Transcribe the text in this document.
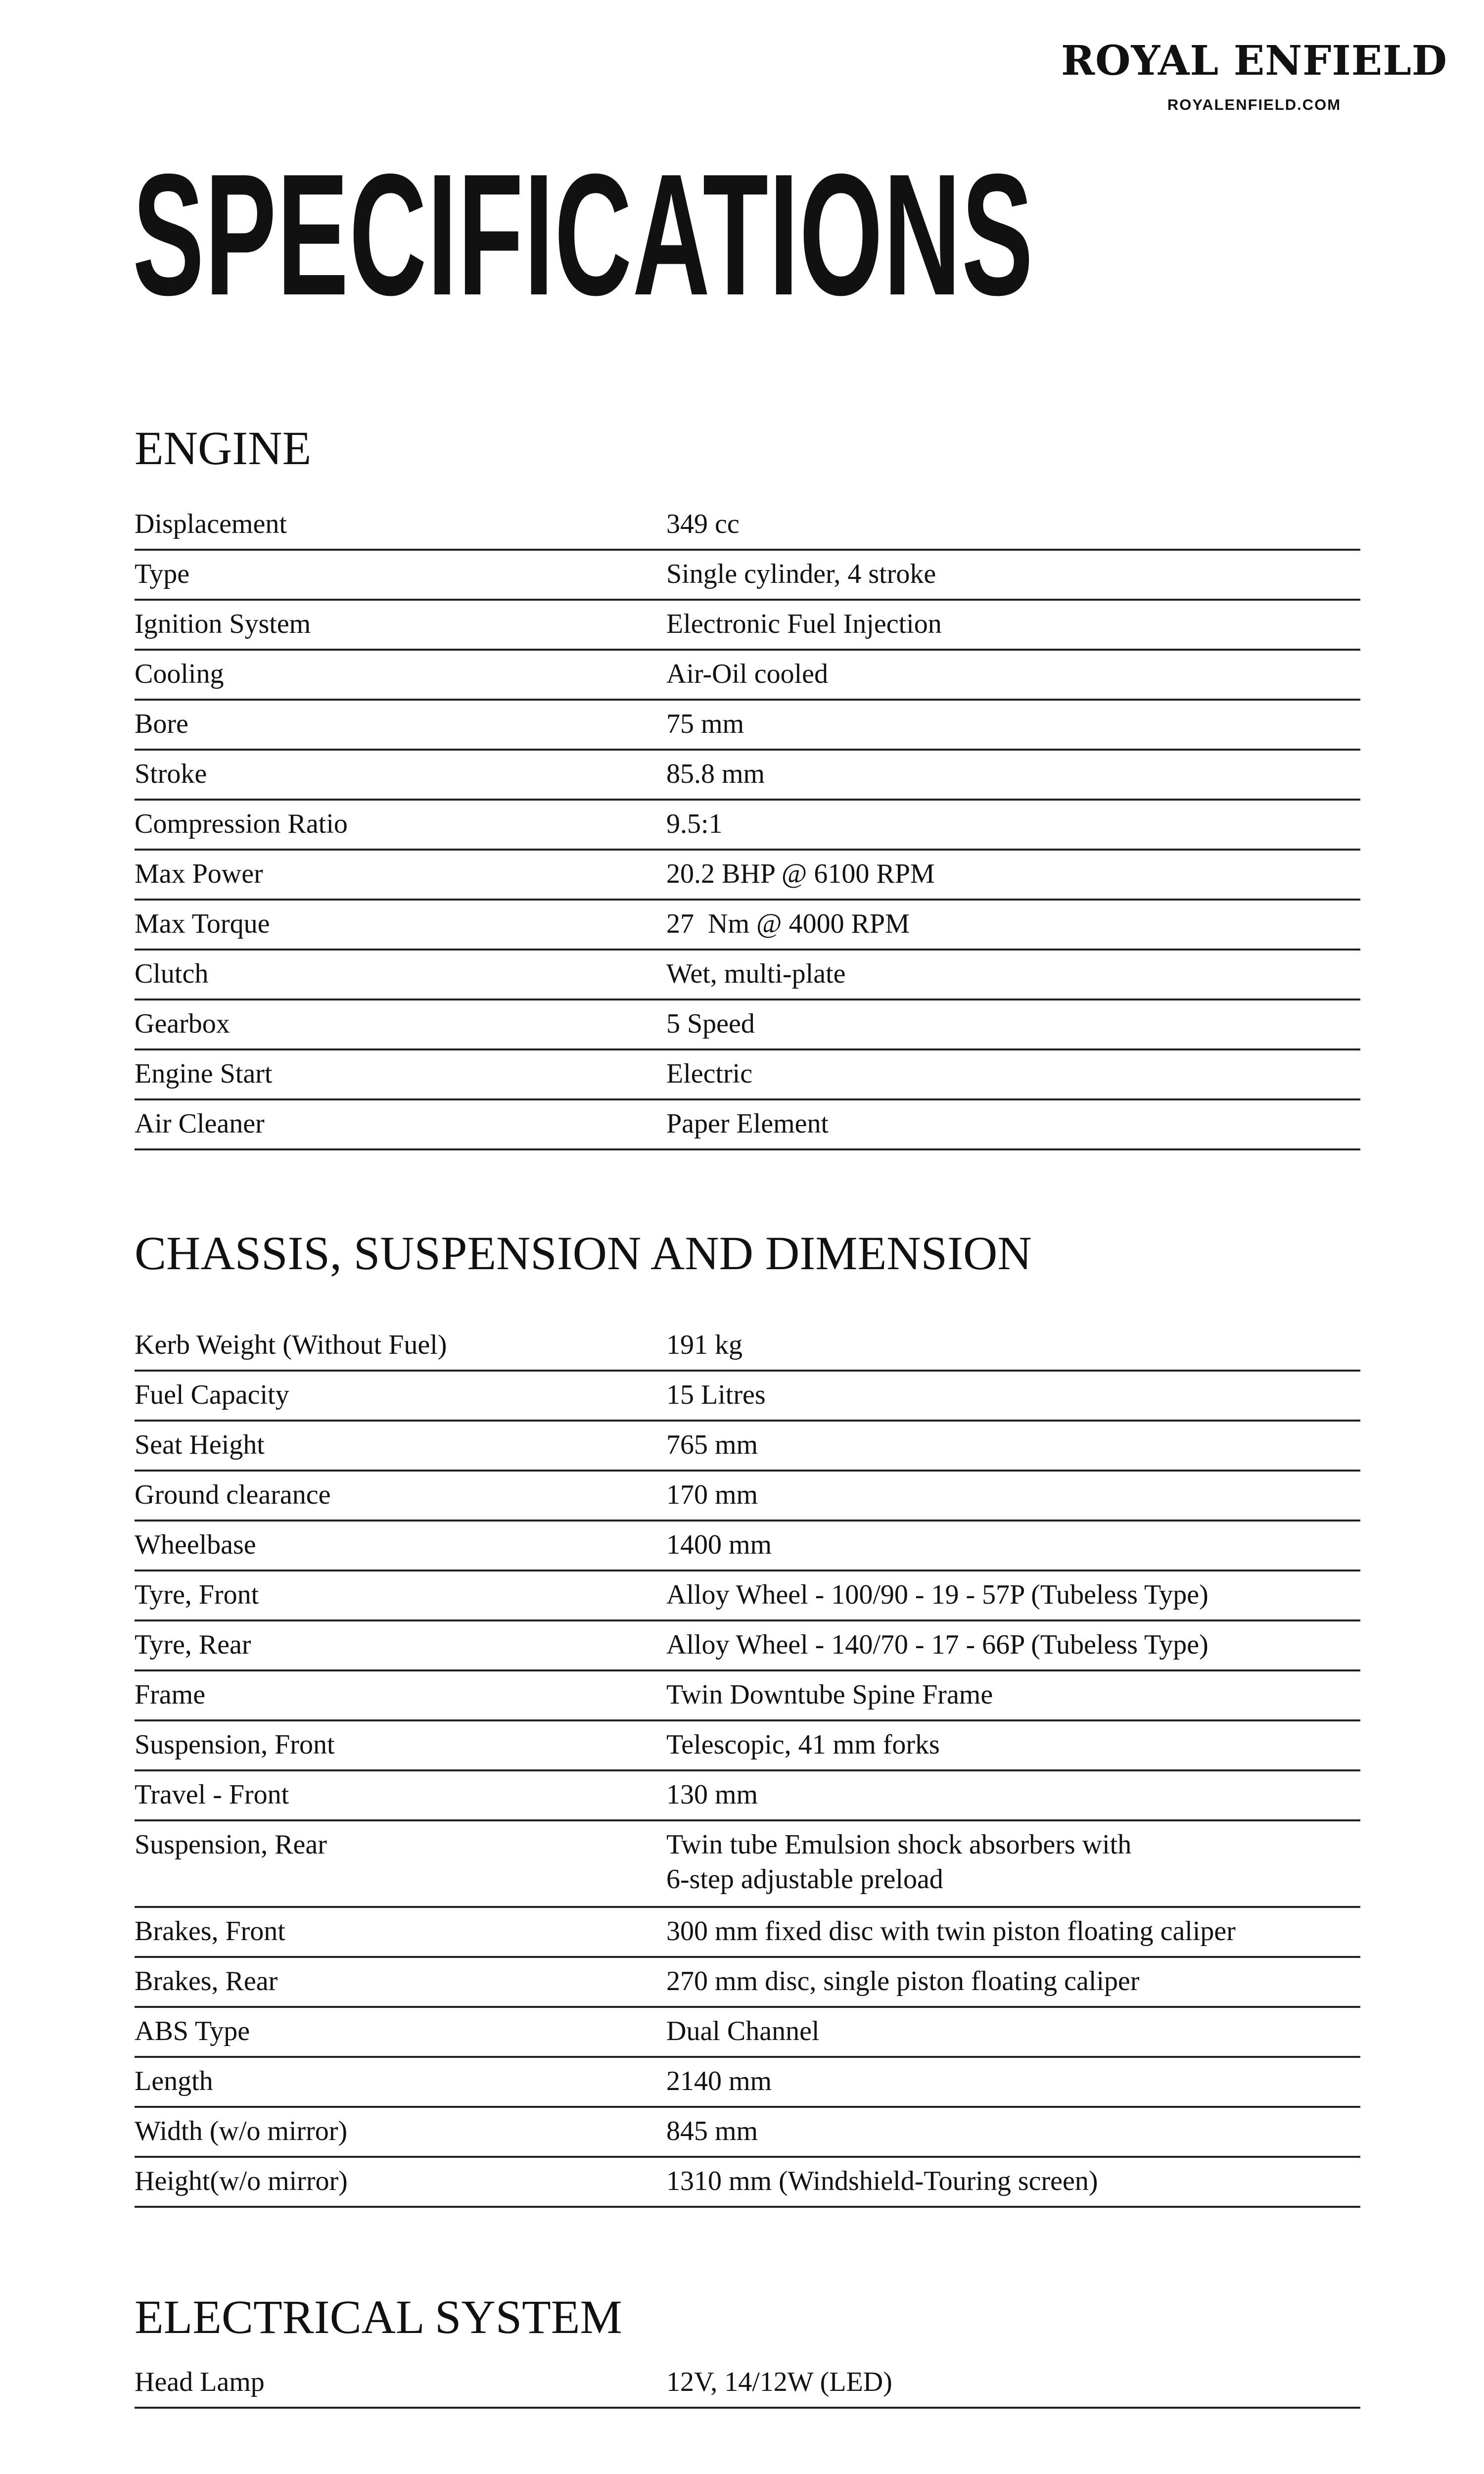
ROYAL ENFIELD
ROYALENFIELD.COM
SPECIFICATIONS
ENGINE
Displacement	349 cc

Type	Single cylinder, 4 stroke

Ignition System	Electronic Fuel Injection

Cooling	Air-Oil cooled

Bore	75 mm

Stroke	85.8 mm

Compression Ratio	9.5:1

Max Power	20.2 BHP @ 6100 RPM

Max Torque	27  Nm @ 4000 RPM

Clutch	Wet, multi-plate

Gearbox	5 Speed

Engine Start	Electric

Air Cleaner	Paper Element
CHASSIS, SUSPENSION AND DIMENSION
Kerb Weight (Without Fuel)	191 kg

Fuel Capacity	15 Litres

Seat Height	765 mm

Ground clearance	170 mm

Wheelbase	1400 mm

Tyre, Front	Alloy Wheel - 100/90 - 19 - 57P (Tubeless Type)

Tyre, Rear	Alloy Wheel - 140/70 - 17 - 66P (Tubeless Type)

Frame	Twin Downtube Spine Frame

Suspension, Front	Telescopic, 41 mm forks

Travel - Front	130 mm

Suspension, Rear	Twin tube Emulsion shock absorbers with
6-step adjustable preload

Brakes, Front	300 mm fixed disc with twin piston floating caliper

Brakes, Rear	270 mm disc, single piston floating caliper

ABS Type	Dual Channel

Length	2140 mm

Width (w/o mirror)	845 mm

Height(w/o mirror)	1310 mm (Windshield-Touring screen)
ELECTRICAL SYSTEM
Head Lamp	12V, 14/12W (LED)
